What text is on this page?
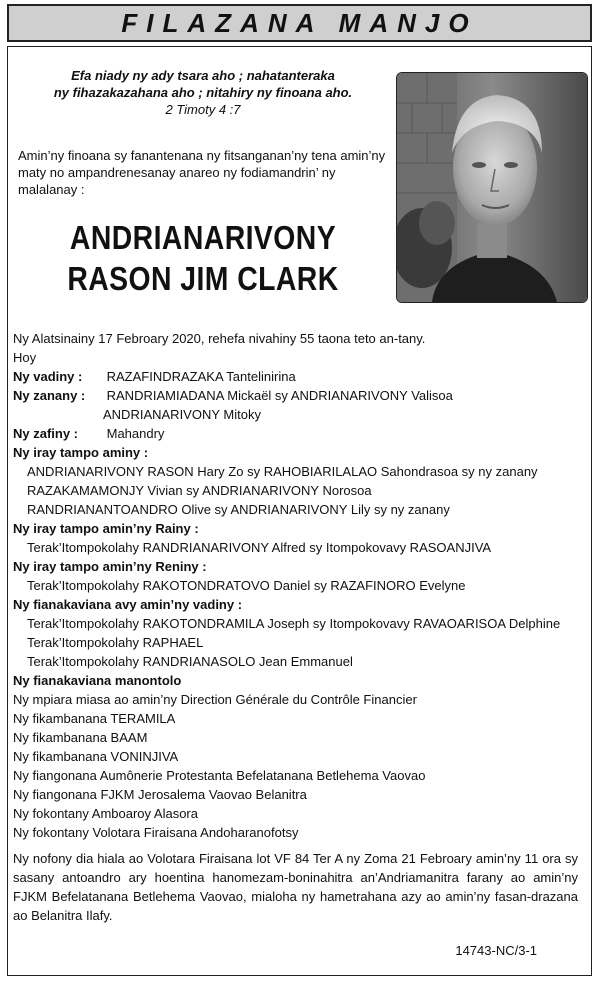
FILAZANA MANJO
Efa niady ny ady tsara aho ; nahatanteraka
ny fihazakazahana aho ; nitahiry ny finoana aho.
2 Timoty 4 :7

Amin’ny finoana sy fanantenana ny fitsanganan’ny tena amin’ny maty no ampandrenesanay anareo ny fodiamandrin’ ny malalanay :

ANDRIANARIVONY
RASON JIM CLARK
Ny Alatsinainy 17 Febroary 2020, rehefa nivahiny 55 taona teto an-tany.
Hoy
Ny vadiny : RAZAFINDRAZAKA Tantelinirina
Ny zanany : RANDRIAMIADANA Mickaël sy ANDRIANARIVONY Valisoa
ANDRIANARIVONY Mitoky
Ny zafiny : Mahandry
Ny iray tampo aminy :
ANDRIANARIVONY RASON Hary Zo sy RAHOBIARILALAO Sahondrasoa sy ny zanany
RAZAKAMAMONJY Vivian sy ANDRIANARIVONY Norosoa
RANDRIANANTOANDRO Olive sy ANDRIANARIVONY Lily sy ny zanany
Ny iray tampo amin’ny Rainy :
Terak’Itompokolahy RANDRIANARIVONY Alfred sy Itompokovavy RASOANJIVA
Ny iray tampo amin’ny Reniny :
Terak’Itompokolahy RAKOTONDRATOVO Daniel sy RAZAFINORO Evelyne
Ny fianakaviana avy amin’ny vadiny :
Terak’Itompokolahy RAKOTONDRAMILA Joseph sy Itompokovavy RAVAOARISOA Delphine
Terak’Itompokolahy RAPHAEL
Terak’Itompokolahy RANDRIANASOLO Jean Emmanuel
Ny fianakaviana manontolo
Ny mpiara miasa ao amin’ny Direction Générale du Contrôle Financier
Ny fikambanana TERAMILA
Ny fikambanana BAAM
Ny fikambanana VONINJIVA
Ny fiangonana Aumônerie Protestanta Befelatanana Betlehema Vaovao
Ny fiangonana FJKM Jerosalema Vaovao Belanitra
Ny fokontany Amboaroy Alasora
Ny fokontany Volotara Firaisana Andoharanofotsy

Ny nofony dia hiala ao Volotara Firaisana lot VF 84 Ter A ny Zoma 21 Febroary amin’ny 11 ora sy sasany antoandro ary hoentina hanomezam-boninahitra an’Andriamanitra farany ao amin’ny FJKM Befelatanana Betlehema Vaovao, mialoha ny hametrahana azy ao amin’ny fasan-drazana ao Belanitra Ilafy.

14743-NC/3-1
